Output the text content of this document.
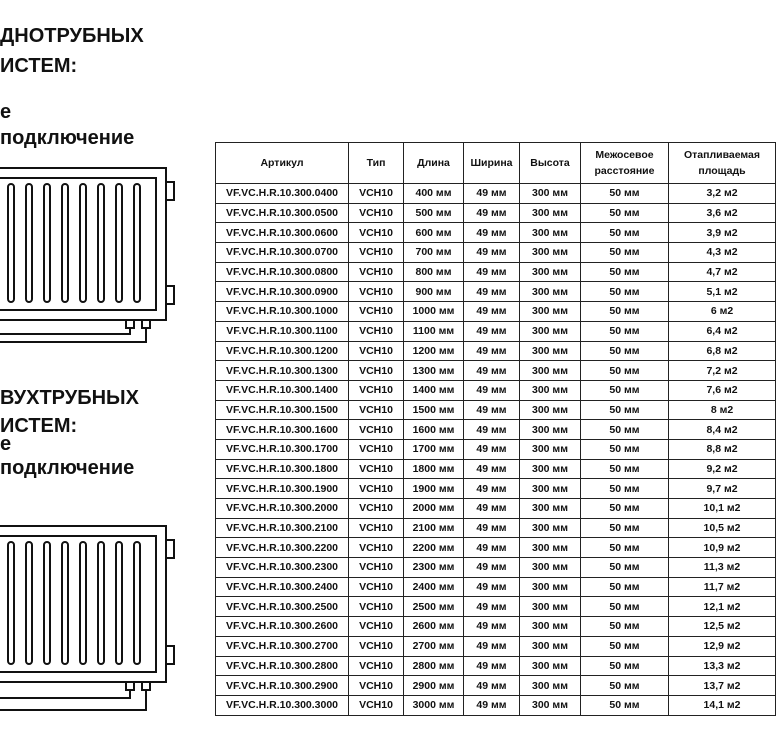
ДНОТРУБНЫХ
ИСТЕМ:
е
подключение
ВУХТРУБНЫХ
ИСТЕМ:
е
подключение
Артикул	Тип	Длина	Ширина	Высота	Межосевое расстояние	Отапливаемая площадь
VF.VC.H.R.10.300.0400	VCH10	400 мм	49 мм	300 мм	50 мм	3,2 м2
VF.VC.H.R.10.300.0500	VCH10	500 мм	49 мм	300 мм	50 мм	3,6 м2
VF.VC.H.R.10.300.0600	VCH10	600 мм	49 мм	300 мм	50 мм	3,9 м2
VF.VC.H.R.10.300.0700	VCH10	700 мм	49 мм	300 мм	50 мм	4,3 м2
VF.VC.H.R.10.300.0800	VCH10	800 мм	49 мм	300 мм	50 мм	4,7 м2
VF.VC.H.R.10.300.0900	VCH10	900 мм	49 мм	300 мм	50 мм	5,1 м2
VF.VC.H.R.10.300.1000	VCH10	1000 мм	49 мм	300 мм	50 мм	6 м2
VF.VC.H.R.10.300.1100	VCH10	1100 мм	49 мм	300 мм	50 мм	6,4 м2
VF.VC.H.R.10.300.1200	VCH10	1200 мм	49 мм	300 мм	50 мм	6,8 м2
VF.VC.H.R.10.300.1300	VCH10	1300 мм	49 мм	300 мм	50 мм	7,2 м2
VF.VC.H.R.10.300.1400	VCH10	1400 мм	49 мм	300 мм	50 мм	7,6 м2
VF.VC.H.R.10.300.1500	VCH10	1500 мм	49 мм	300 мм	50 мм	8 м2
VF.VC.H.R.10.300.1600	VCH10	1600 мм	49 мм	300 мм	50 мм	8,4 м2
VF.VC.H.R.10.300.1700	VCH10	1700 мм	49 мм	300 мм	50 мм	8,8 м2
VF.VC.H.R.10.300.1800	VCH10	1800 мм	49 мм	300 мм	50 мм	9,2 м2
VF.VC.H.R.10.300.1900	VCH10	1900 мм	49 мм	300 мм	50 мм	9,7 м2
VF.VC.H.R.10.300.2000	VCH10	2000 мм	49 мм	300 мм	50 мм	10,1 м2
VF.VC.H.R.10.300.2100	VCH10	2100 мм	49 мм	300 мм	50 мм	10,5 м2
VF.VC.H.R.10.300.2200	VCH10	2200 мм	49 мм	300 мм	50 мм	10,9 м2
VF.VC.H.R.10.300.2300	VCH10	2300 мм	49 мм	300 мм	50 мм	11,3 м2
VF.VC.H.R.10.300.2400	VCH10	2400 мм	49 мм	300 мм	50 мм	11,7 м2
VF.VC.H.R.10.300.2500	VCH10	2500 мм	49 мм	300 мм	50 мм	12,1 м2
VF.VC.H.R.10.300.2600	VCH10	2600 мм	49 мм	300 мм	50 мм	12,5 м2
VF.VC.H.R.10.300.2700	VCH10	2700 мм	49 мм	300 мм	50 мм	12,9 м2
VF.VC.H.R.10.300.2800	VCH10	2800 мм	49 мм	300 мм	50 мм	13,3 м2
VF.VC.H.R.10.300.2900	VCH10	2900 мм	49 мм	300 мм	50 мм	13,7 м2
VF.VC.H.R.10.300.3000	VCH10	3000 мм	49 мм	300 мм	50 мм	14,1 м2
